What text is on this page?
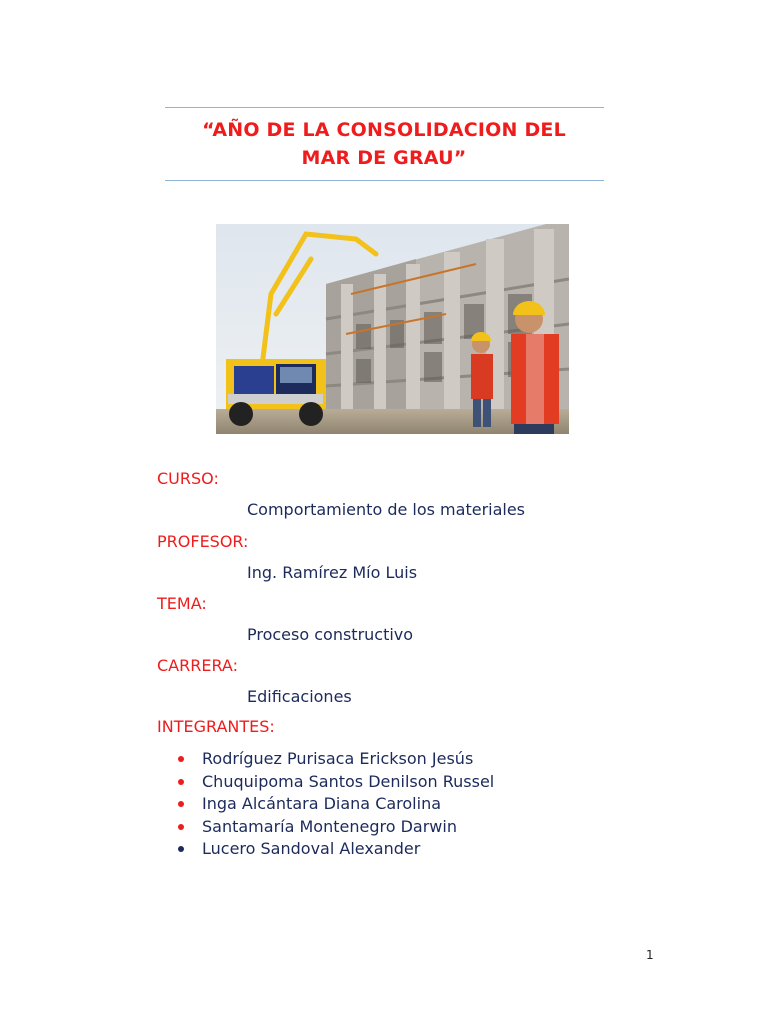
“AÑO DE LA CONSOLIDACION DEL
MAR DE GRAU”
CURSO:
Comportamiento de los materiales
PROFESOR:
Ing. Ramírez Mío Luis
TEMA:
Proceso constructivo
CARRERA:
Edificaciones
INTEGRANTES:
Rodríguez Purisaca Erickson Jesús
Chuquipoma Santos Denilson Russel
Inga Alcántara Diana Carolina
Santamaría Montenegro Darwin
Lucero Sandoval Alexander
1
